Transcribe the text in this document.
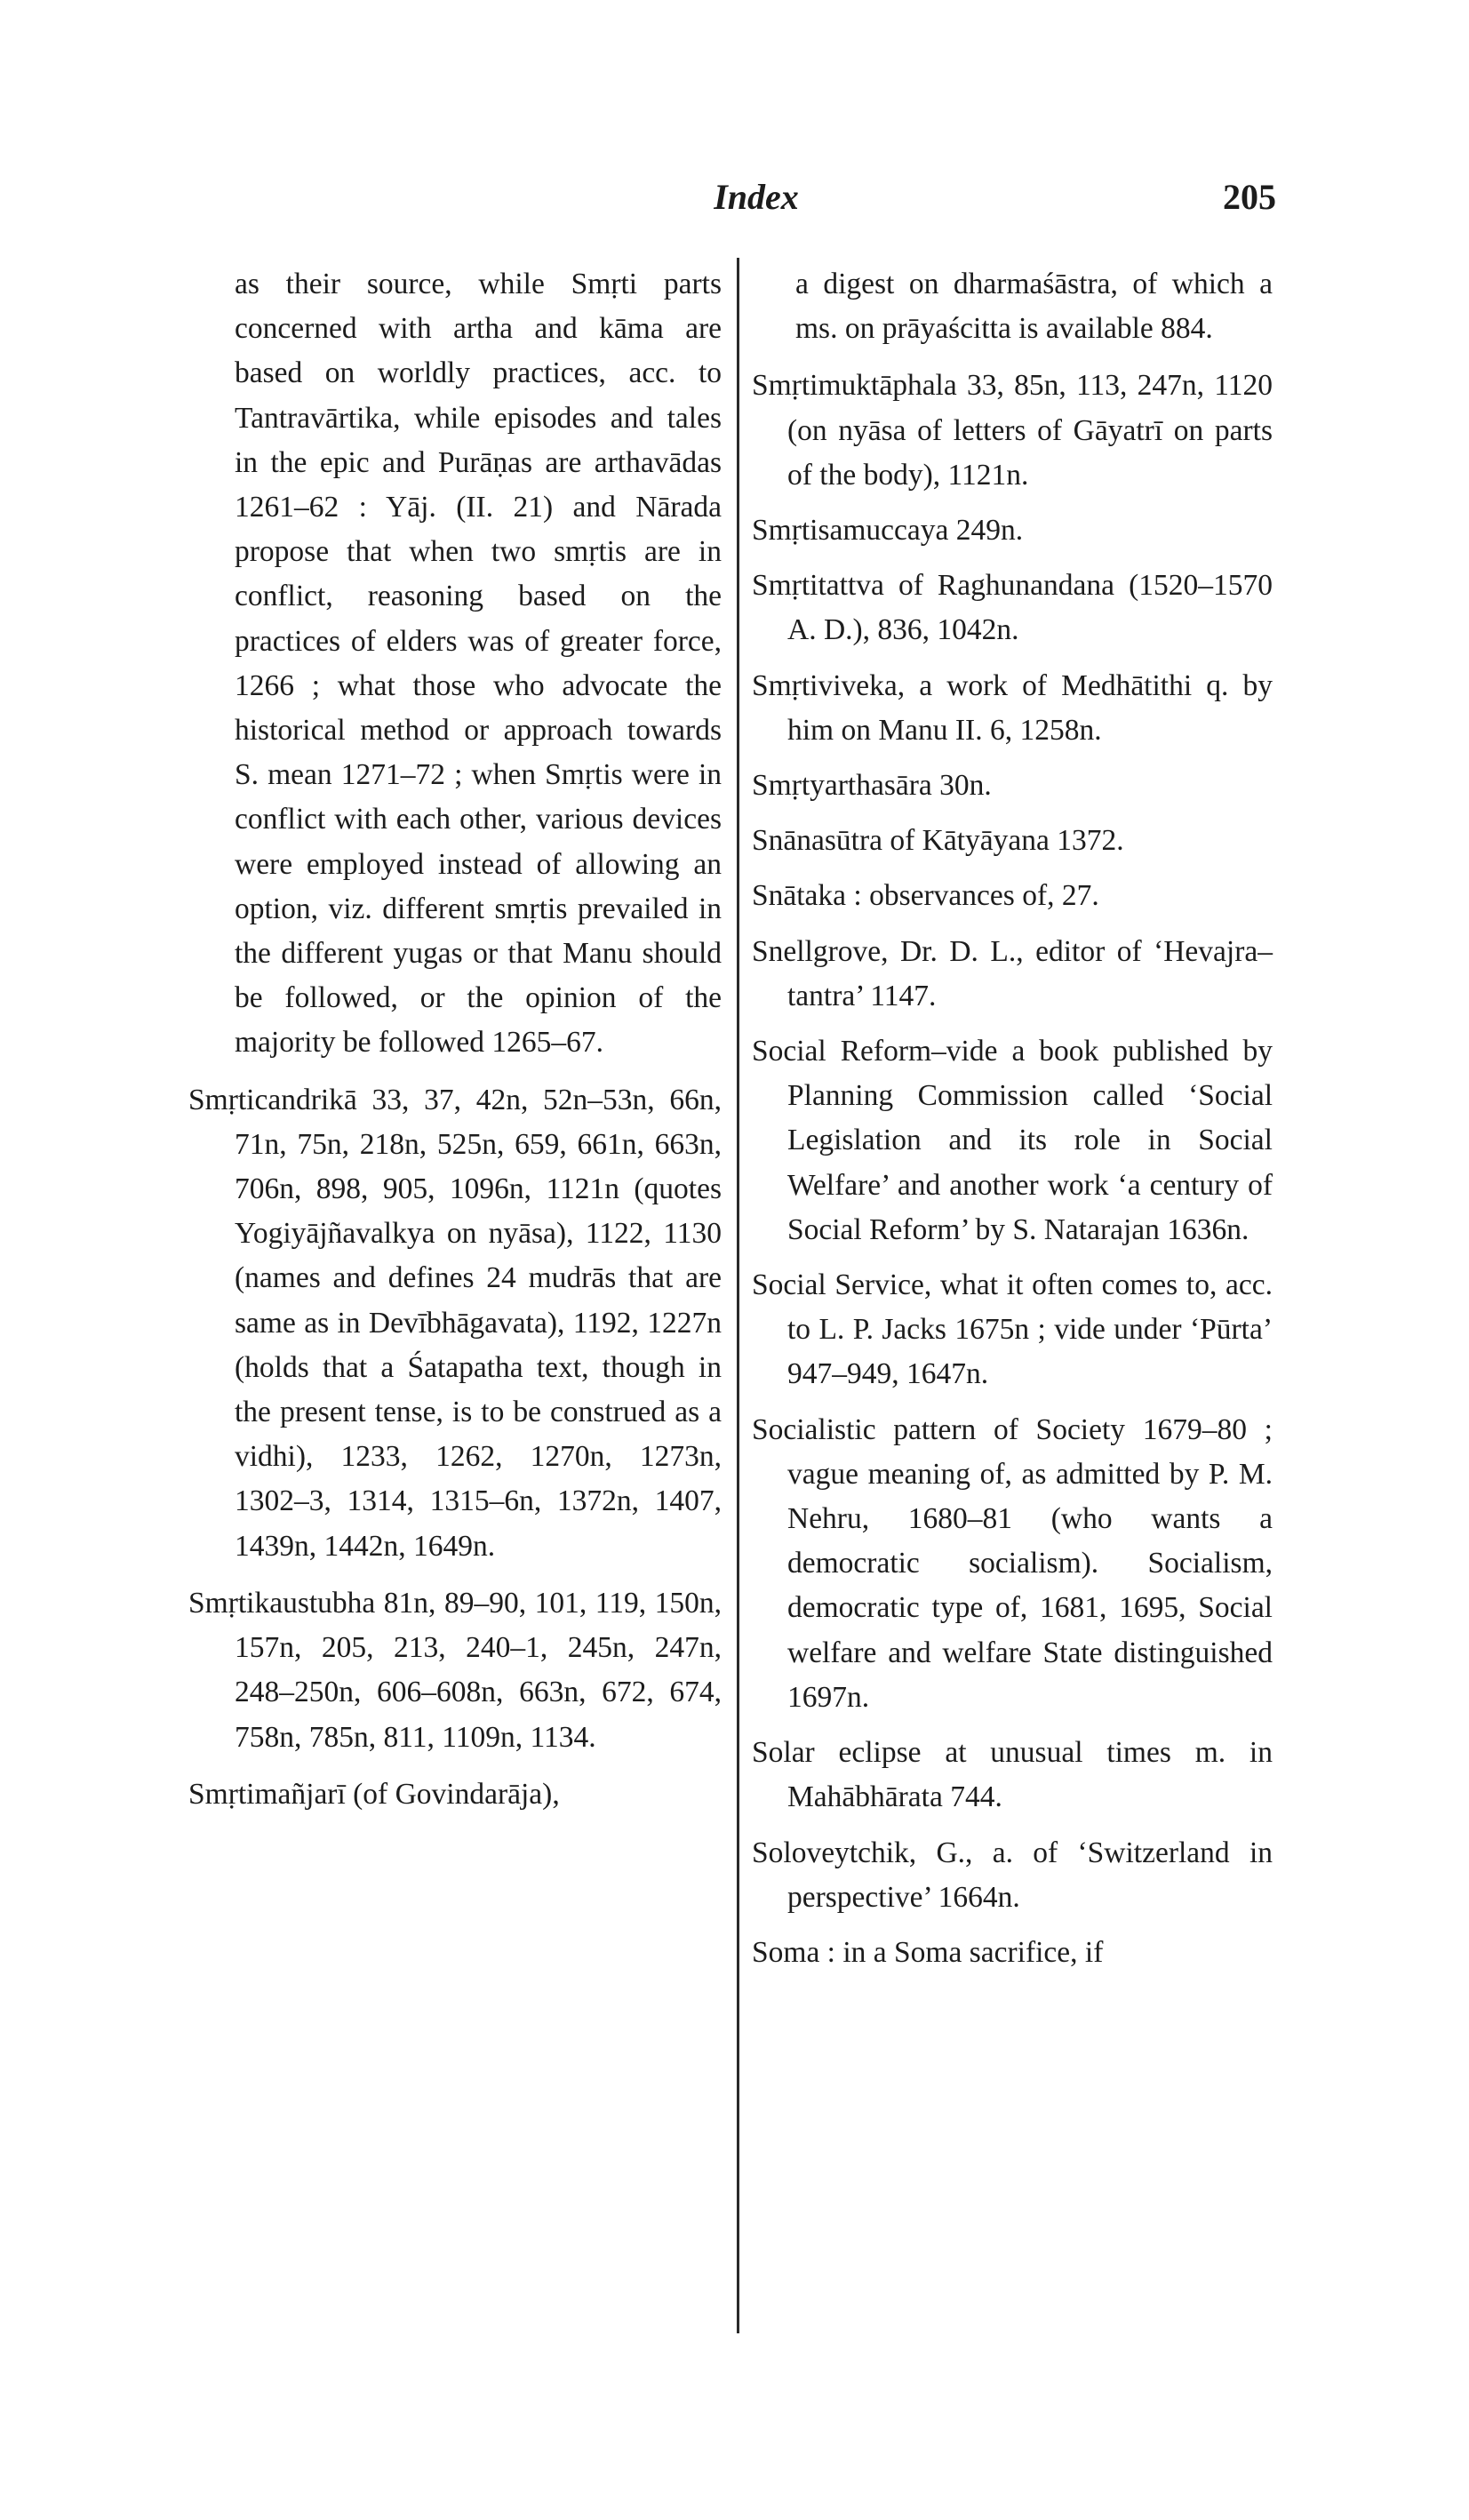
Index	205

as their source, while Smṛti parts concerned with artha and kāma are based on worldly practices, acc. to Tantravārtika, while episodes and tales in the epic and Purāṇas are arthavādas 1261–62 : Yāj. (II. 21) and Nārada propose that when two smṛtis are in conflict, reasoning based on the practices of elders was of greater force, 1266 ; what those who advocate the historical method or approach towards S. mean 1271–72 ; when Smṛtis were in conflict with each other, various devices were employed instead of allowing an option, viz. different smṛtis prevailed in the different yugas or that Manu should be followed, or the opinion of the majority be followed 1265–67.

Smṛticandrikā 33, 37, 42n, 52n–53n, 66n, 71n, 75n, 218n, 525n, 659, 661n, 663n, 706n, 898, 905, 1096n, 1121n (quotes Yogiyājñavalkya on nyāsa), 1122, 1130 (names and defines 24 mudrās that are same as in Devībhāgavata), 1192, 1227n (holds that a Śatapatha text, though in the present tense, is to be construed as a vidhi), 1233, 1262, 1270n, 1273n, 1302–3, 1314, 1315–6n, 1372n, 1407, 1439n, 1442n, 1649n.
Smṛtikaustubha 81n, 89–90, 101, 119, 150n, 157n, 205, 213, 240–1, 245n, 247n, 248–250n, 606–608n, 663n, 672, 674, 758n, 785n, 811, 1109n, 1134.
Smṛtimañjarī (of Govindarāja),

a digest on dharmaśāstra, of which a ms. on prāyaścitta is available 884.

Smṛtimuktāphala 33, 85n, 113, 247n, 1120 (on nyāsa of letters of Gāyatrī on parts of the body), 1121n.
Smṛtisamuccaya 249n.
Smṛtitattva of Raghunandana (1520–1570 A. D.), 836, 1042n.
Smṛtiviveka, a work of Medhātithi q. by him on Manu II. 6, 1258n.
Smṛtyarthasāra 30n.
Snānasūtra of Kātyāyana 1372.
Snātaka : observances of, 27.
Snellgrove, Dr. D. L., editor of ‘Hevajra–tantra’ 1147.
Social Reform–vide a book published by Planning Commission called ‘Social Legislation and its role in Social Welfare’ and another work ‘a century of Social Reform’ by S. Natarajan 1636n.
Social Service, what it often comes to, acc. to L. P. Jacks 1675n ; vide under ‘Pūrta’ 947–949, 1647n.
Socialistic pattern of Society 1679–80 ; vague meaning of, as admitted by P. M. Nehru, 1680–81 (who wants a democratic socialism). Socialism, democratic type of, 1681, 1695, Social welfare and welfare State distinguished 1697n.
Solar eclipse at unusual times m. in Mahābhārata 744.
Soloveytchik, G., a. of ‘Switzerland in perspective’ 1664n.
Soma : in a Soma sacrifice, if
